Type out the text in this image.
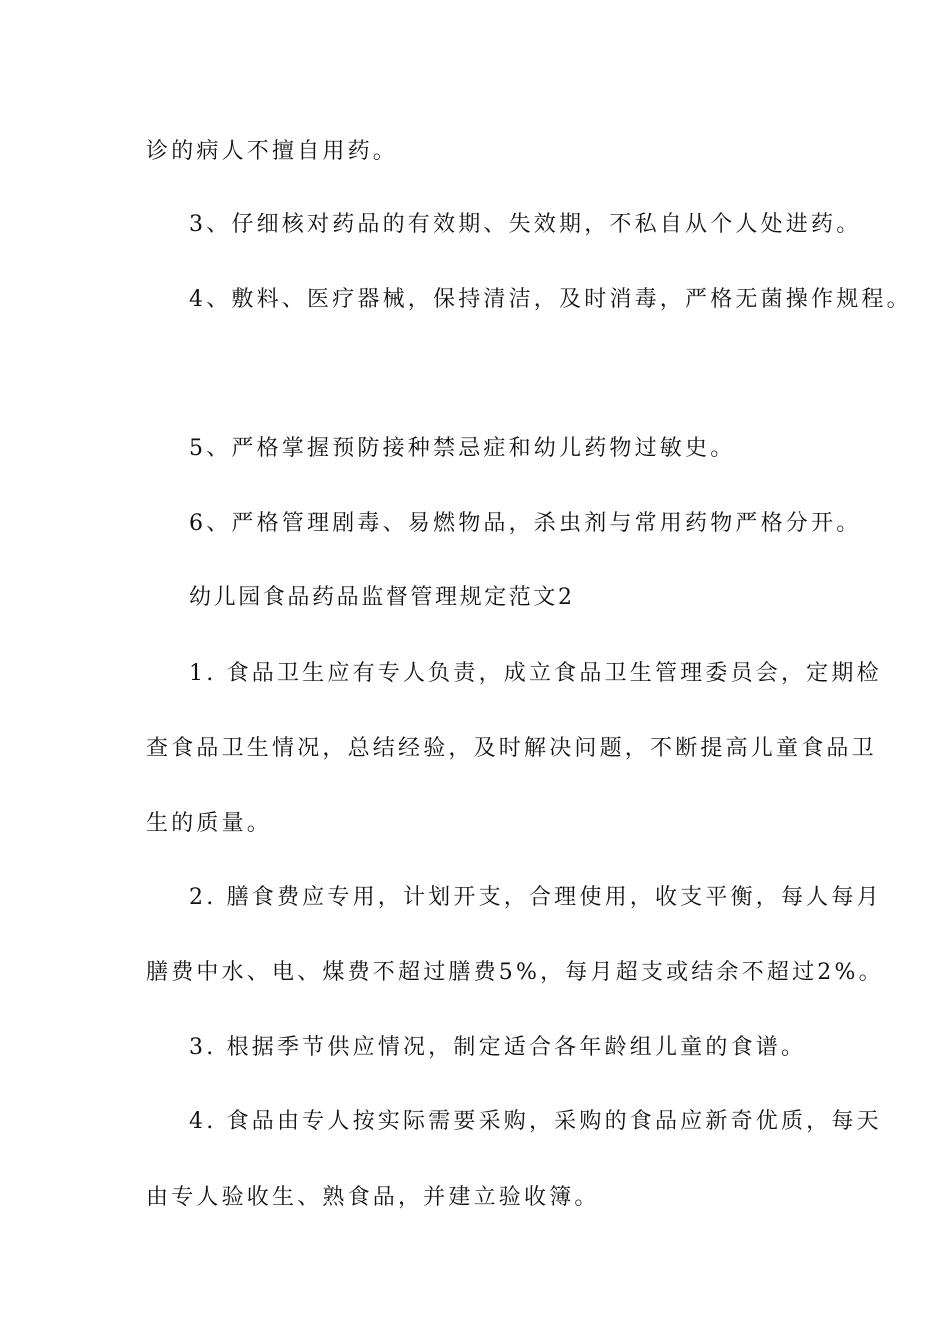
诊的病人不擅自用药。
3、仔细核对药品的有效期、失效期，不私自从个人处进药。
4、敷料、医疗器械，保持清洁，及时消毒，严格无菌操作规程。
5、严格掌握预防接种禁忌症和幼儿药物过敏史。
6、严格管理剧毒、易燃物品，杀虫剂与常用药物严格分开。
幼儿园食品药品监督管理规定范文2
1. 食品卫生应有专人负责，成立食品卫生管理委员会，定期检
查食品卫生情况，总结经验，及时解决问题，不断提高儿童食品卫
生的质量。
2. 膳食费应专用，计划开支，合理使用，收支平衡，每人每月
膳费中水、电、煤费不超过膳费5%，每月超支或结余不超过2%。
3. 根据季节供应情况，制定适合各年龄组儿童的食谱。
4. 食品由专人按实际需要采购，采购的食品应新奇优质，每天
由专人验收生、熟食品，并建立验收簿。
